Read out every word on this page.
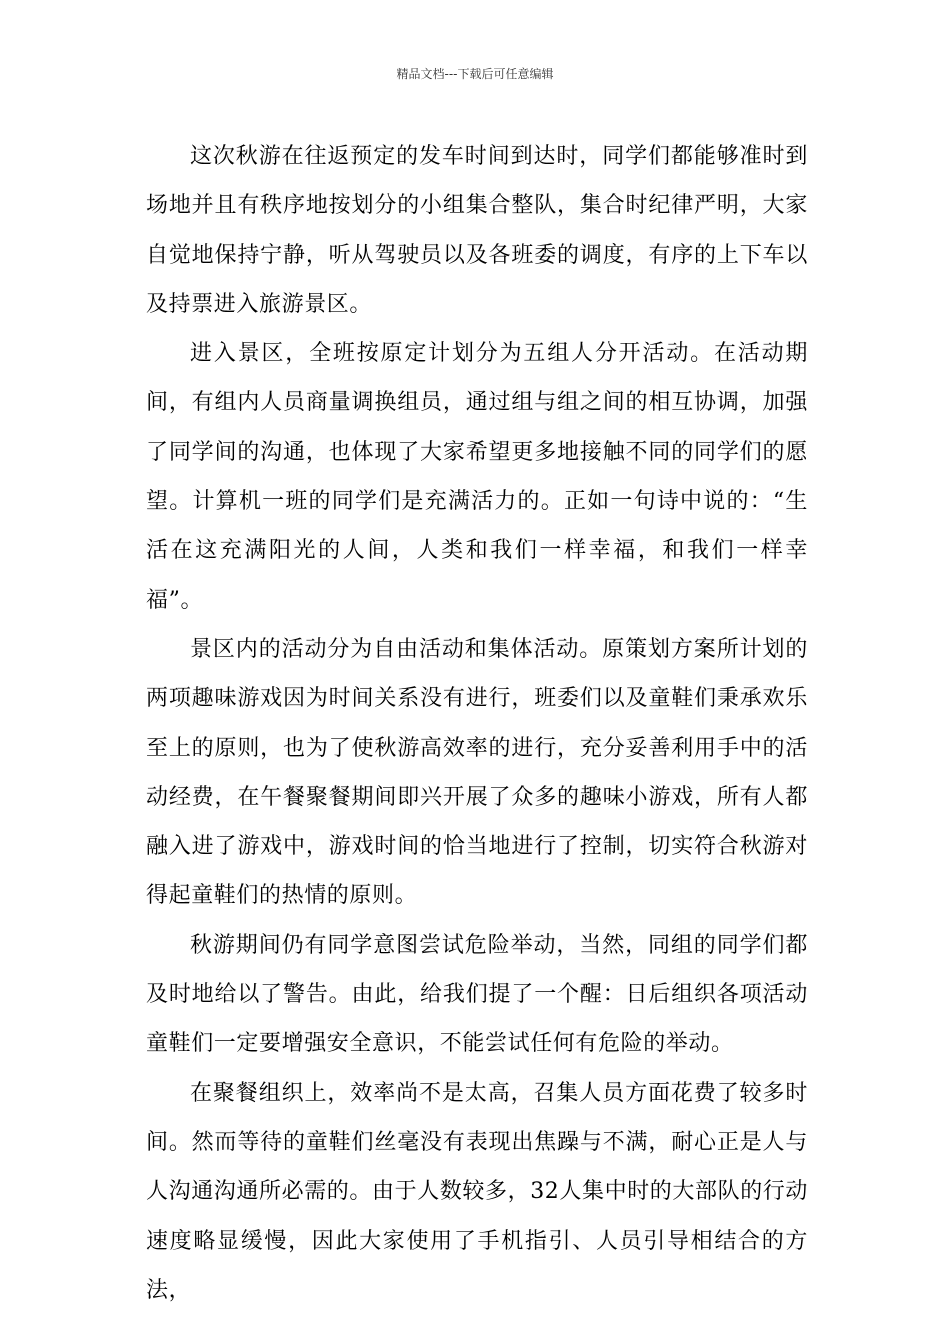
精品文档---下载后可任意编辑

这次秋游在往返预定的发车时间到达时，同学们都能够准时到场地并且有秩序地按划分的小组集合整队，集合时纪律严明，大家自觉地保持宁静，听从驾驶员以及各班委的调度，有序的上下车以及持票进入旅游景区。

进入景区，全班按原定计划分为五组人分开活动。在活动期间，有组内人员商量调换组员，通过组与组之间的相互协调，加强了同学间的沟通，也体现了大家希望更多地接触不同的同学们的愿望。计算机一班的同学们是充满活力的。正如一句诗中说的：“生活在这充满阳光的人间，人类和我们一样幸福，和我们一样幸福”。

景区内的活动分为自由活动和集体活动。原策划方案所计划的两项趣味游戏因为时间关系没有进行，班委们以及童鞋们秉承欢乐至上的原则，也为了使秋游高效率的进行，充分妥善利用手中的活动经费，在午餐聚餐期间即兴开展了众多的趣味小游戏，所有人都融入进了游戏中，游戏时间的恰当地进行了控制，切实符合秋游对得起童鞋们的热情的原则。

秋游期间仍有同学意图尝试危险举动，当然，同组的同学们都及时地给以了警告。由此，给我们提了一个醒：日后组织各项活动童鞋们一定要增强安全意识，不能尝试任何有危险的举动。

在聚餐组织上，效率尚不是太高，召集人员方面花费了较多时间。然而等待的童鞋们丝毫没有表现出焦躁与不满，耐心正是人与人沟通沟通所必需的。由于人数较多，32人集中时的大部队的行动速度略显缓慢，因此大家使用了手机指引、人员引导相结合的方法，
